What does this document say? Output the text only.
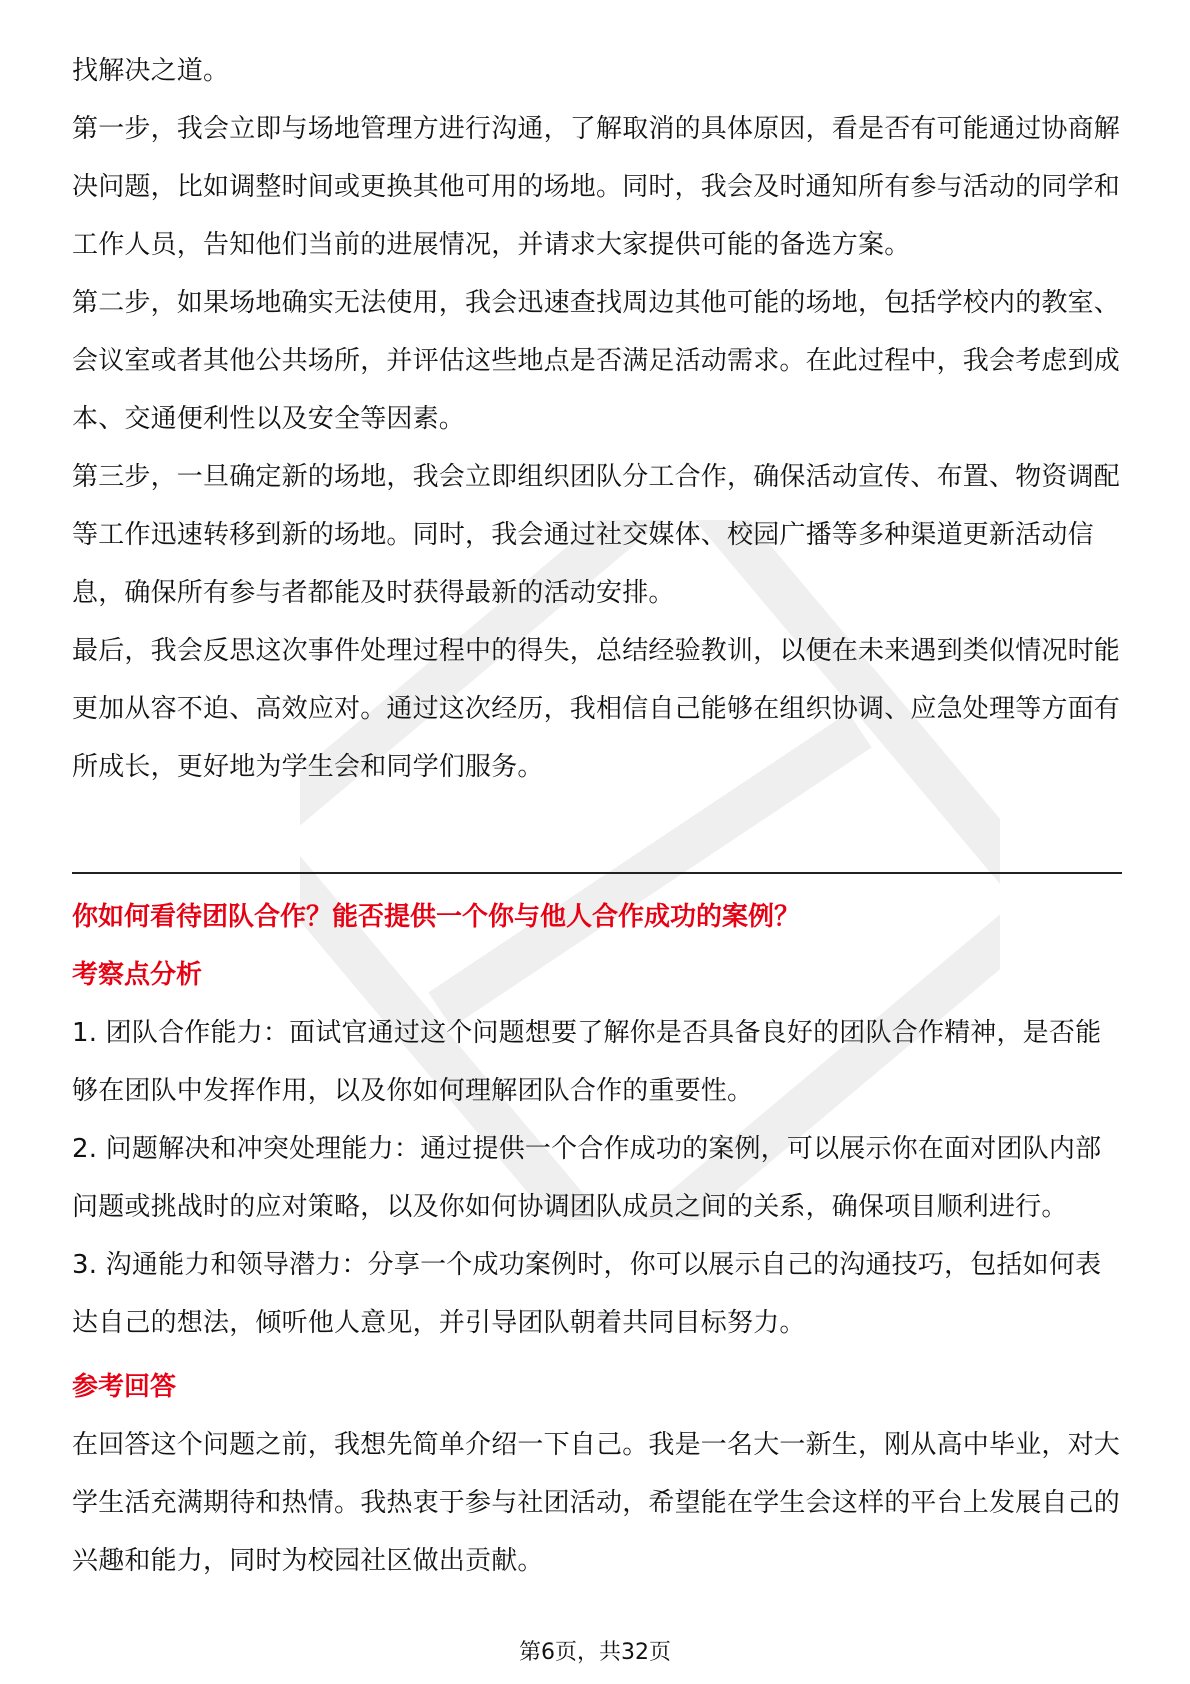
找解决之道。

第一步，我会立即与场地管理方进行沟通，了解取消的具体原因，看是否有可能通过协商解决问题，比如调整时间或更换其他可用的场地。同时，我会及时通知所有参与活动的同学和工作人员，告知他们当前的进展情况，并请求大家提供可能的备选方案。

第二步，如果场地确实无法使用，我会迅速查找周边其他可能的场地，包括学校内的教室、会议室或者其他公共场所，并评估这些地点是否满足活动需求。在此过程中，我会考虑到成本、交通便利性以及安全等因素。

第三步，一旦确定新的场地，我会立即组织团队分工合作，确保活动宣传、布置、物资调配等工作迅速转移到新的场地。同时，我会通过社交媒体、校园广播等多种渠道更新活动信息，确保所有参与者都能及时获得最新的活动安排。

最后，我会反思这次事件处理过程中的得失，总结经验教训，以便在未来遇到类似情况时能更加从容不迫、高效应对。通过这次经历，我相信自己能够在组织协调、应急处理等方面有所成长，更好地为学生会和同学们服务。

你如何看待团队合作？能否提供一个你与他人合作成功的案例？

考察点分析

1. 团队合作能力：面试官通过这个问题想要了解你是否具备良好的团队合作精神，是否能够在团队中发挥作用，以及你如何理解团队合作的重要性。

2. 问题解决和冲突处理能力：通过提供一个合作成功的案例，可以展示你在面对团队内部问题或挑战时的应对策略，以及你如何协调团队成员之间的关系，确保项目顺利进行。

3. 沟通能力和领导潜力：分享一个成功案例时，你可以展示自己的沟通技巧，包括如何表达自己的想法，倾听他人意见，并引导团队朝着共同目标努力。

参考回答

在回答这个问题之前，我想先简单介绍一下自己。我是一名大一新生，刚从高中毕业，对大学生活充满期待和热情。我热衷于参与社团活动，希望能在学生会这样的平台上发展自己的兴趣和能力，同时为校园社区做出贡献。

第6页，共32页
